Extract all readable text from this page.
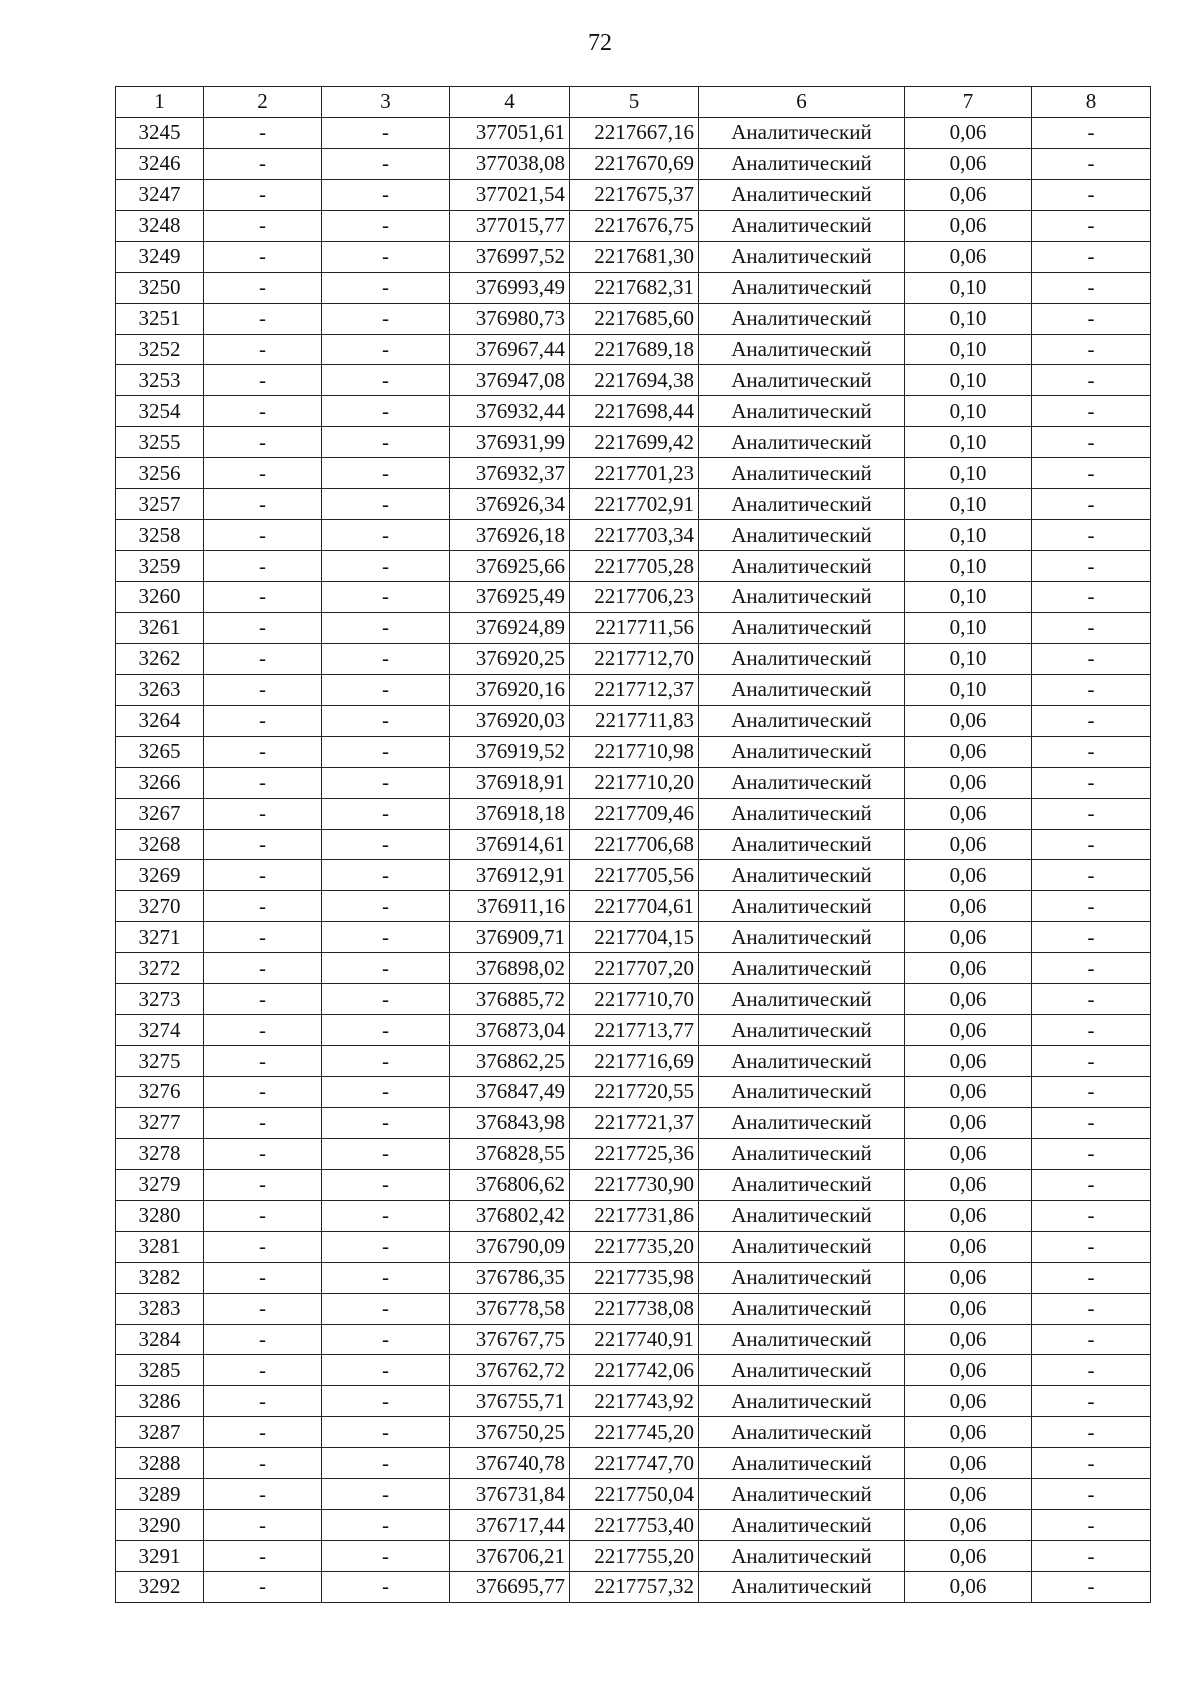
72
1	2	3	4	5	6	7	8
3245	-	-	377051,61	2217667,16	Аналитический	0,06	-
3246	-	-	377038,08	2217670,69	Аналитический	0,06	-
3247	-	-	377021,54	2217675,37	Аналитический	0,06	-
3248	-	-	377015,77	2217676,75	Аналитический	0,06	-
3249	-	-	376997,52	2217681,30	Аналитический	0,06	-
3250	-	-	376993,49	2217682,31	Аналитический	0,10	-
3251	-	-	376980,73	2217685,60	Аналитический	0,10	-
3252	-	-	376967,44	2217689,18	Аналитический	0,10	-
3253	-	-	376947,08	2217694,38	Аналитический	0,10	-
3254	-	-	376932,44	2217698,44	Аналитический	0,10	-
3255	-	-	376931,99	2217699,42	Аналитический	0,10	-
3256	-	-	376932,37	2217701,23	Аналитический	0,10	-
3257	-	-	376926,34	2217702,91	Аналитический	0,10	-
3258	-	-	376926,18	2217703,34	Аналитический	0,10	-
3259	-	-	376925,66	2217705,28	Аналитический	0,10	-
3260	-	-	376925,49	2217706,23	Аналитический	0,10	-
3261	-	-	376924,89	2217711,56	Аналитический	0,10	-
3262	-	-	376920,25	2217712,70	Аналитический	0,10	-
3263	-	-	376920,16	2217712,37	Аналитический	0,10	-
3264	-	-	376920,03	2217711,83	Аналитический	0,06	-
3265	-	-	376919,52	2217710,98	Аналитический	0,06	-
3266	-	-	376918,91	2217710,20	Аналитический	0,06	-
3267	-	-	376918,18	2217709,46	Аналитический	0,06	-
3268	-	-	376914,61	2217706,68	Аналитический	0,06	-
3269	-	-	376912,91	2217705,56	Аналитический	0,06	-
3270	-	-	376911,16	2217704,61	Аналитический	0,06	-
3271	-	-	376909,71	2217704,15	Аналитический	0,06	-
3272	-	-	376898,02	2217707,20	Аналитический	0,06	-
3273	-	-	376885,72	2217710,70	Аналитический	0,06	-
3274	-	-	376873,04	2217713,77	Аналитический	0,06	-
3275	-	-	376862,25	2217716,69	Аналитический	0,06	-
3276	-	-	376847,49	2217720,55	Аналитический	0,06	-
3277	-	-	376843,98	2217721,37	Аналитический	0,06	-
3278	-	-	376828,55	2217725,36	Аналитический	0,06	-
3279	-	-	376806,62	2217730,90	Аналитический	0,06	-
3280	-	-	376802,42	2217731,86	Аналитический	0,06	-
3281	-	-	376790,09	2217735,20	Аналитический	0,06	-
3282	-	-	376786,35	2217735,98	Аналитический	0,06	-
3283	-	-	376778,58	2217738,08	Аналитический	0,06	-
3284	-	-	376767,75	2217740,91	Аналитический	0,06	-
3285	-	-	376762,72	2217742,06	Аналитический	0,06	-
3286	-	-	376755,71	2217743,92	Аналитический	0,06	-
3287	-	-	376750,25	2217745,20	Аналитический	0,06	-
3288	-	-	376740,78	2217747,70	Аналитический	0,06	-
3289	-	-	376731,84	2217750,04	Аналитический	0,06	-
3290	-	-	376717,44	2217753,40	Аналитический	0,06	-
3291	-	-	376706,21	2217755,20	Аналитический	0,06	-
3292	-	-	376695,77	2217757,32	Аналитический	0,06	-
